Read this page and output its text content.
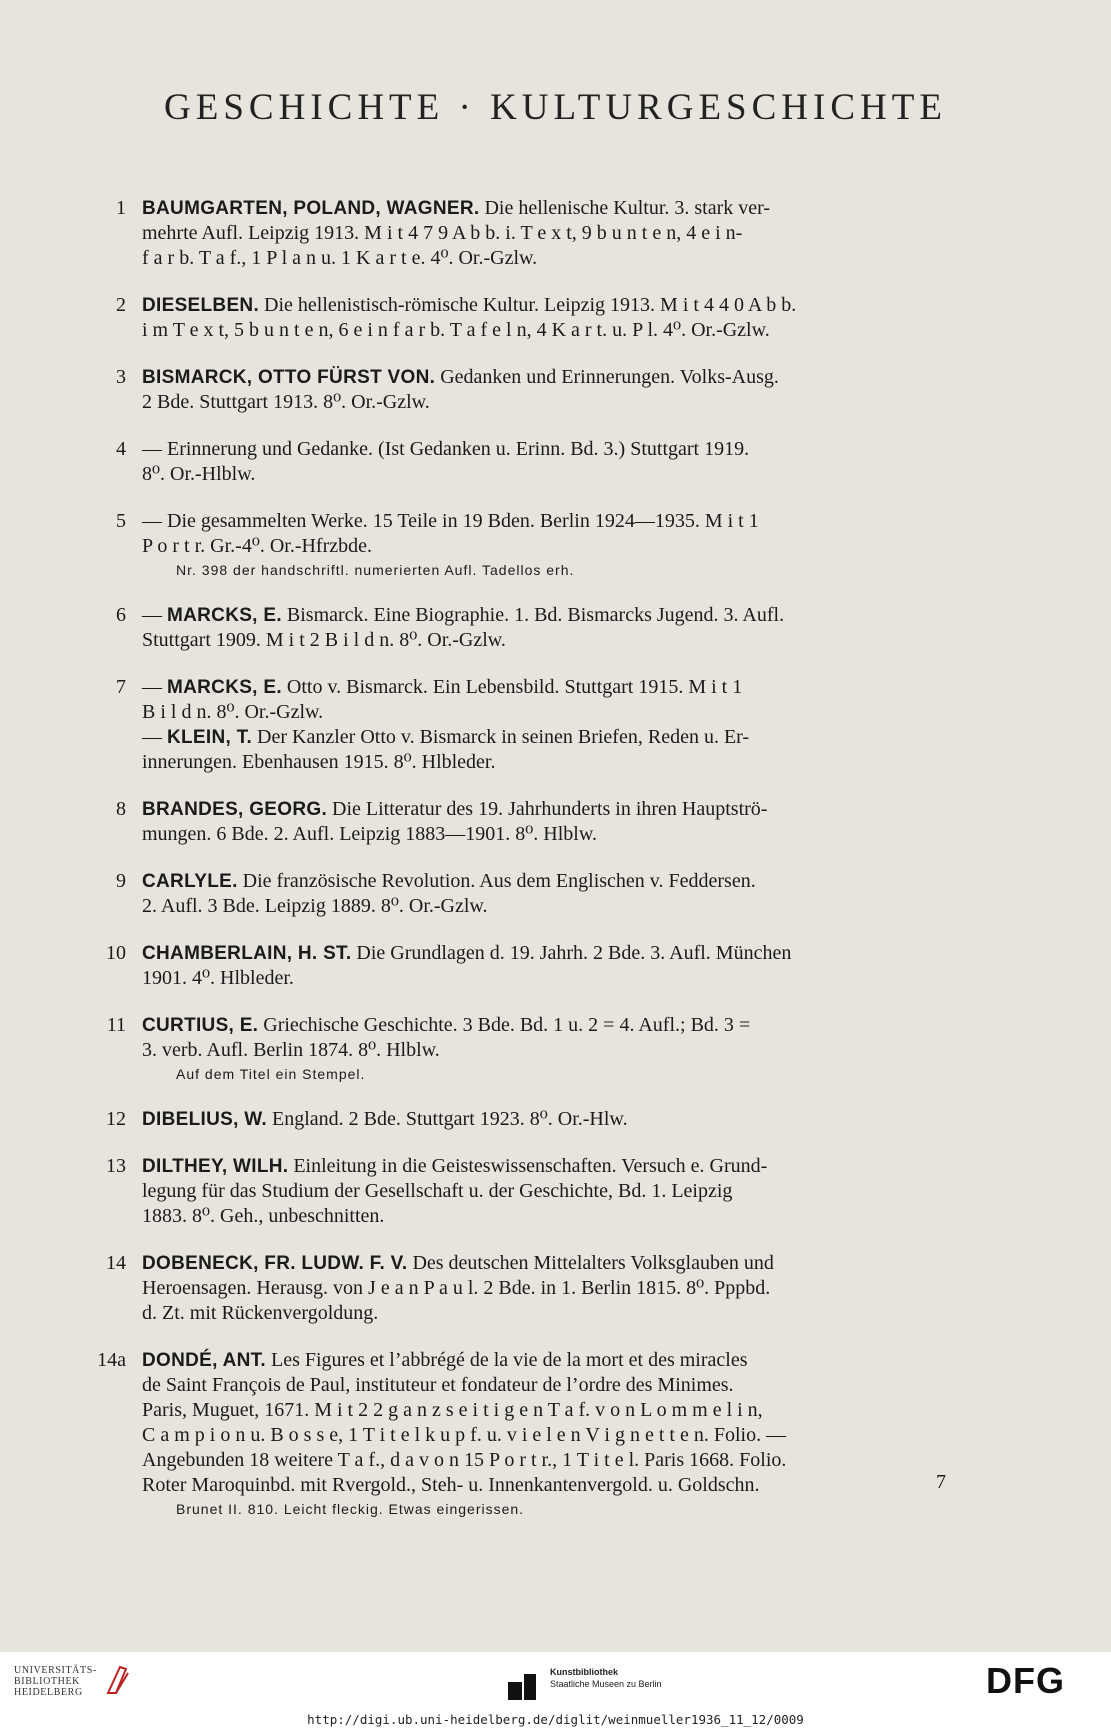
GESCHICHTE · KULTURGESCHICHTE
1 BAUMGARTEN, POLAND, WAGNER. Die hellenische Kultur. 3. stark ver-
mehrte Aufl. Leipzig 1913. M i t 4 7 9 A b b. i. T e x t, 9 b u n t e n, 4 e i n-
f a r b. T a f., 1 P l a n u. 1 K a r t e. 4⁰. Or.-Gzlw.
2 DIESELBEN. Die hellenistisch-römische Kultur. Leipzig 1913. M i t 4 4 0 A b b.
i m T e x t, 5 b u n t e n, 6 e i n f a r b. T a f e l n, 4 K a r t. u. P l. 4⁰. Or.-Gzlw.
3 BISMARCK, OTTO FÜRST VON. Gedanken und Erinnerungen. Volks-Ausg.
2 Bde. Stuttgart 1913. 8⁰. Or.-Gzlw.
4 — Erinnerung und Gedanke. (Ist Gedanken u. Erinn. Bd. 3.) Stuttgart 1919.
8⁰. Or.-Hlblw.
5 — Die gesammelten Werke. 15 Teile in 19 Bden. Berlin 1924—1935. M i t 1
P o r t r. Gr.-4⁰. Or.-Hfrzbde.
Nr. 398 der handschriftl. numerierten Aufl. Tadellos erh.
6 — MARCKS, E. Bismarck. Eine Biographie. 1. Bd. Bismarcks Jugend. 3. Aufl.
Stuttgart 1909. M i t 2 B i l d n. 8⁰. Or.-Gzlw.
7 — MARCKS, E. Otto v. Bismarck. Ein Lebensbild. Stuttgart 1915. M i t 1
B i l d n. 8⁰. Or.-Gzlw.
— KLEIN, T. Der Kanzler Otto v. Bismarck in seinen Briefen, Reden u. Er-
innerungen. Ebenhausen 1915. 8⁰. Hlbleder.
8 BRANDES, GEORG. Die Litteratur des 19. Jahrhunderts in ihren Hauptströ-
mungen. 6 Bde. 2. Aufl. Leipzig 1883—1901. 8⁰. Hlblw.
9 CARLYLE. Die französische Revolution. Aus dem Englischen v. Feddersen.
2. Aufl. 3 Bde. Leipzig 1889. 8⁰. Or.-Gzlw.
10 CHAMBERLAIN, H. ST. Die Grundlagen d. 19. Jahrh. 2 Bde. 3. Aufl. München
1901. 4⁰. Hlbleder.
11 CURTIUS, E. Griechische Geschichte. 3 Bde. Bd. 1 u. 2 = 4. Aufl.; Bd. 3 =
3. verb. Aufl. Berlin 1874. 8⁰. Hlblw.
Auf dem Titel ein Stempel.
12 DIBELIUS, W. England. 2 Bde. Stuttgart 1923. 8⁰. Or.-Hlw.
13 DILTHEY, WILH. Einleitung in die Geisteswissenschaften. Versuch e. Grund-
legung für das Studium der Gesellschaft u. der Geschichte, Bd. 1. Leipzig
1883. 8⁰. Geh., unbeschnitten.
14 DOBENECK, FR. LUDW. F. V. Des deutschen Mittelalters Volksglauben und
Heroensagen. Herausg. von J e a n P a u l. 2 Bde. in 1. Berlin 1815. 8⁰. Pppbd.
d. Zt. mit Rückenvergoldung.
14a DONDÉ, ANT. Les Figures et l’abbrégé de la vie de la mort et des miracles
de Saint François de Paul, instituteur et fondateur de l’ordre des Minimes.
Paris, Muguet, 1671. M i t 2 2 g a n z s e i t i g e n T a f. v o n L o m m e l i n,
C a m p i o n u. B o s s e, 1 T i t e l k u p f. u. v i e l e n V i g n e t t e n. Folio. —
Angebunden 18 weitere T a f., d a v o n 15 P o r t r., 1 T i t e l. Paris 1668. Folio.
Roter Maroquinbd. mit Rvergold., Steh- u. Innenkantenvergold. u. Goldschn.
Brunet II. 810. Leicht fleckig. Etwas eingerissen.
7
UNIVERSITÄTS-
BIBLIOTHEK
HEIDELBERG
Kunstbibliothek
Staatliche Museen zu Berlin	DFG
http://digi.ub.uni-heidelberg.de/diglit/weinmueller1936_11_12/0009
